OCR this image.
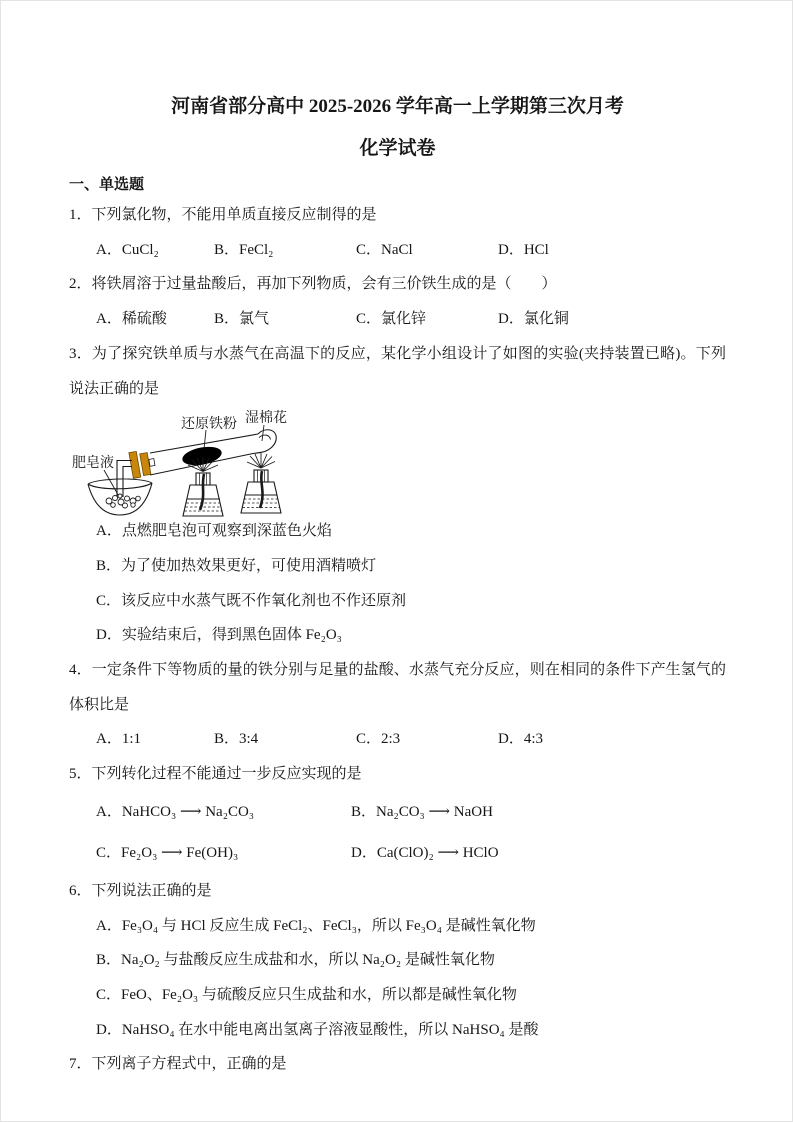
河南省部分高中 2025-2026 学年高一上学期第三次月考
化学试卷
一、单选题

1．下列氯化物，不能用单质直接反应制得的是

A．CuCl₂	B．FeCl₂	C．NaCl	D．HCl

2．将铁屑溶于过量盐酸后，再加下列物质，会有三价铁生成的是（　　）

A．稀硫酸	B．氯气	C．氯化锌	D．氯化铜

3．为了探究铁单质与水蒸气在高温下的反应，某化学小组设计了如图的实验(夹持装置已略)。下列说法正确的是

还原铁粉 湿棉花
肥皂液
A．点燃肥皂泡可观察到深蓝色火焰
B．为了使加热效果更好，可使用酒精喷灯
C．该反应中水蒸气既不作氧化剂也不作还原剂
D．实验结束后，得到黑色固体 Fe₂O₃

4．一定条件下等物质的量的铁分别与足量的盐酸、水蒸气充分反应，则在相同的条件下产生氢气的体积比是

A．1:1	B．3:4	C．2:3	D．4:3

5．下列转化过程不能通过一步反应实现的是

A．NaHCO₃ ⟶ Na₂CO₃	B．Na₂CO₃ ⟶ NaOH
C．Fe₂O₃ ⟶ Fe(OH)₃	D．Ca(ClO)₂ ⟶ HClO

6．下列说法正确的是

A．Fe₃O₄ 与 HCl 反应生成 FeCl₂、FeCl₃，所以 Fe₃O₄ 是碱性氧化物
B．Na₂O₂ 与盐酸反应生成盐和水，所以 Na₂O₂ 是碱性氧化物
C．FeO、Fe₂O₃ 与硫酸反应只生成盐和水，所以都是碱性氧化物
D．NaHSO₄ 在水中能电离出氢离子溶液显酸性，所以 NaHSO₄ 是酸

7．下列离子方程式中，正确的是
